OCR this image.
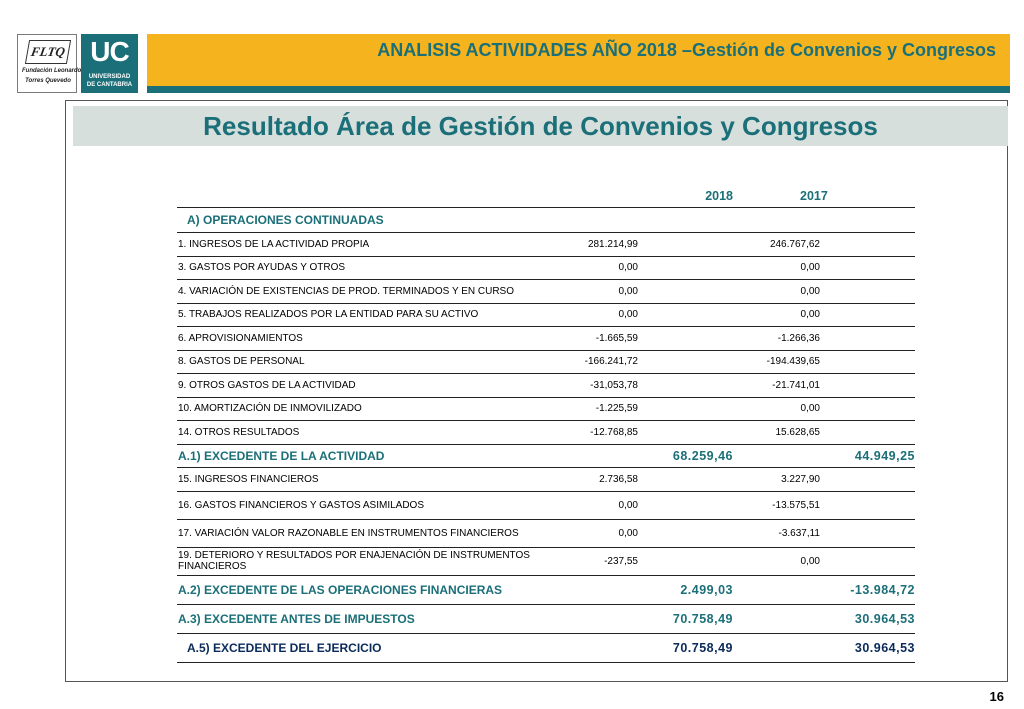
FLTQ
Fundación Leonardo
Torres Quevedo
UC
UNIVERSIDAD
DE CANTABRIA
ANALISIS ACTIVIDADES AÑO 2018 –Gestión de Convenios y Congresos
Resultado Área de Gestión de Convenios y Congresos
		2018		2017
A) OPERACIONES CONTINUADAS				
1. INGRESOS DE LA ACTIVIDAD PROPIA	281.214,99		246.767,62	
3. GASTOS POR AYUDAS Y OTROS	0,00		0,00	
4. VARIACIÓN DE EXISTENCIAS DE PROD. TERMINADOS Y EN CURSO	0,00		0,00	
5. TRABAJOS REALIZADOS POR LA ENTIDAD PARA SU ACTIVO	0,00		0,00	
6. APROVISIONAMIENTOS	-1.665,59		-1.266,36	
8. GASTOS DE PERSONAL	-166.241,72		-194.439,65	
9. OTROS GASTOS DE LA ACTIVIDAD	-31,053,78		-21.741,01	
10. AMORTIZACIÓN DE INMOVILIZADO	-1.225,59		0,00	
14. OTROS RESULTADOS	-12.768,85		15.628,65	
A.1) EXCEDENTE DE LA ACTIVIDAD		68.259,46		44.949,25
15. INGRESOS FINANCIEROS	2.736,58		3.227,90	
16. GASTOS FINANCIEROS Y GASTOS ASIMILADOS	0,00		-13.575,51	
17. VARIACIÓN VALOR RAZONABLE EN INSTRUMENTOS FINANCIEROS	0,00		-3.637,11	
19. DETERIORO Y RESULTADOS POR ENAJENACIÓN DE INSTRUMENTOS FINANCIEROS	-237,55		0,00	
A.2) EXCEDENTE DE LAS OPERACIONES FINANCIERAS		2.499,03		-13.984,72
A.3) EXCEDENTE ANTES DE IMPUESTOS		70.758,49		30.964,53
A.5) EXCEDENTE DEL EJERCICIO		70.758,49		30.964,53
16
